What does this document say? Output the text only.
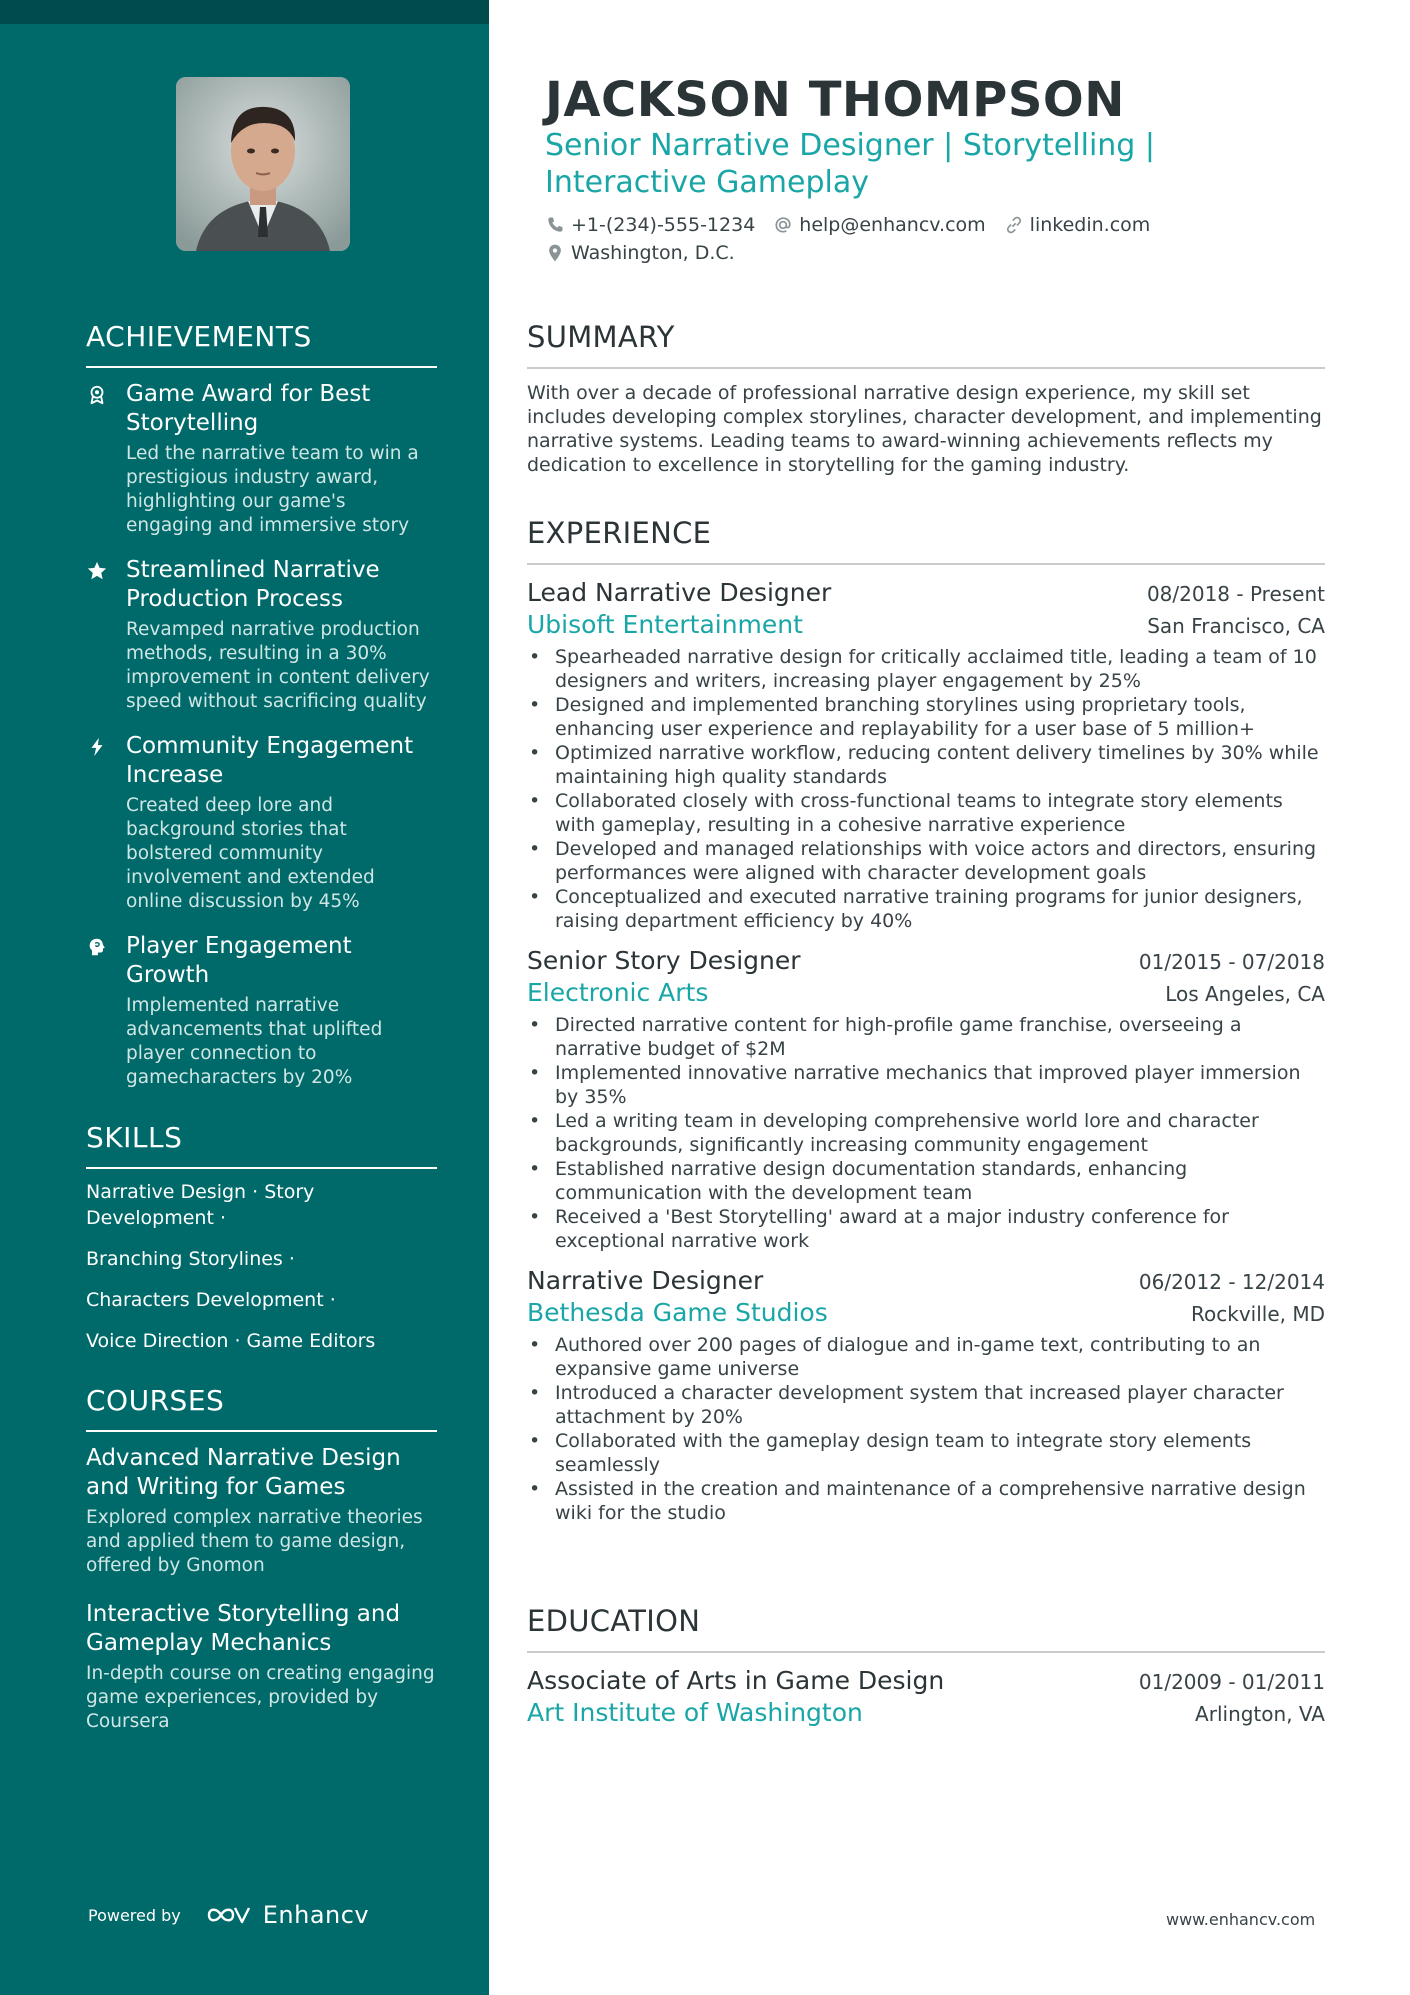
ACHIEVEMENTS
Game Award for Best Storytelling
Led the narrative team to win a prestigious industry award, highlighting our game's engaging and immersive story
Streamlined Narrative Production Process
Revamped narrative production methods, resulting in a 30% improvement in content delivery speed without sacrificing quality
Community Engagement Increase
Created deep lore and background stories that bolstered community involvement and extended online discussion by 45%
Player Engagement Growth
Implemented narrative advancements that uplifted player connection to gamecharacters by 20%
SKILLS
Narrative Design · Story Development ·
Branching Storylines ·
Characters Development ·
Voice Direction · Game Editors
COURSES
Advanced Narrative Design and Writing for Games
Explored complex narrative theories and applied them to game design, offered by Gnomon
Interactive Storytelling and Gameplay Mechanics
In-depth course on creating engaging game experiences, provided by Coursera
Powered by	Enhancv
JACKSON THOMPSON
Senior Narrative Designer | Storytelling | Interactive Gameplay
+1-(234)-555-1234 help@enhancv.com linkedin.com
Washington, D.C.
SUMMARY
With over a decade of professional narrative design experience, my skill set includes developing complex storylines, character development, and implementing narrative systems. Leading teams to award-winning achievements reflects my dedication to excellence in storytelling for the gaming industry.
EXPERIENCE
Lead Narrative Designer	08/2018 - Present
Ubisoft Entertainment	San Francisco, CA
• Spearheaded narrative design for critically acclaimed title, leading a team of 10 designers and writers, increasing player engagement by 25%
• Designed and implemented branching storylines using proprietary tools, enhancing user experience and replayability for a user base of 5 million+
• Optimized narrative workflow, reducing content delivery timelines by 30% while maintaining high quality standards
• Collaborated closely with cross-functional teams to integrate story elements with gameplay, resulting in a cohesive narrative experience
• Developed and managed relationships with voice actors and directors, ensuring performances were aligned with character development goals
• Conceptualized and executed narrative training programs for junior designers, raising department efficiency by 40%
Senior Story Designer	01/2015 - 07/2018
Electronic Arts	Los Angeles, CA
• Directed narrative content for high-profile game franchise, overseeing a narrative budget of $2M
• Implemented innovative narrative mechanics that improved player immersion by 35%
• Led a writing team in developing comprehensive world lore and character backgrounds, significantly increasing community engagement
• Established narrative design documentation standards, enhancing communication with the development team
• Received a 'Best Storytelling' award at a major industry conference for exceptional narrative work
Narrative Designer	06/2012 - 12/2014
Bethesda Game Studios	Rockville, MD
• Authored over 200 pages of dialogue and in-game text, contributing to an expansive game universe
• Introduced a character development system that increased player character attachment by 20%
• Collaborated with the gameplay design team to integrate story elements seamlessly
• Assisted in the creation and maintenance of a comprehensive narrative design wiki for the studio
EDUCATION
Associate of Arts in Game Design	01/2009 - 01/2011
Art Institute of Washington	Arlington, VA
www.enhancv.com
